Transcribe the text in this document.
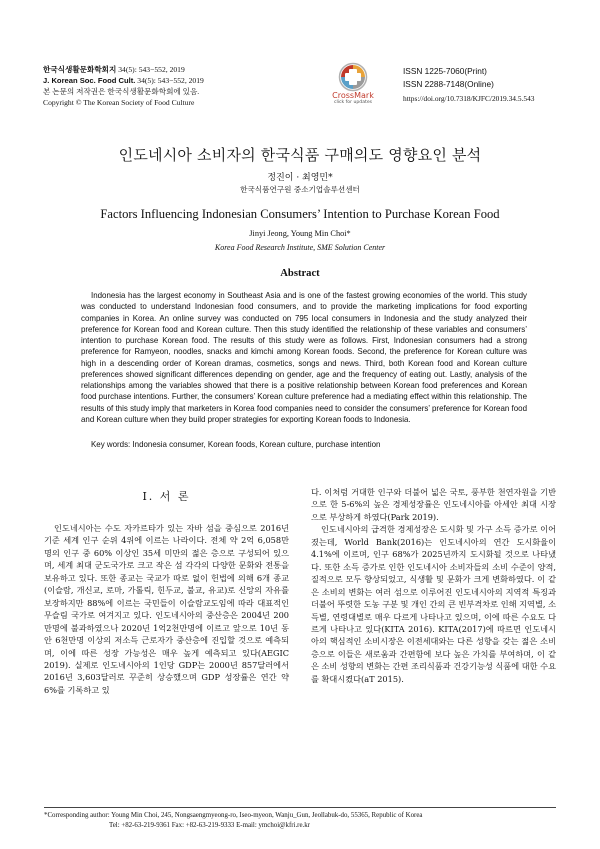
한국식생활문화학회지 34(5): 543−552, 2019
J. Korean Soc. Food Cult. 34(5): 543−552, 2019
본 논문의 저작권은 한국식생활문화학회에 있음.
Copyright © The Korean Society of Food Culture
CrossMark
click for updates
ISSN 1225-7060(Print)
ISSN 2288-7148(Online)
https://doi.org/10.7318/KJFC/2019.34.5.543
인도네시아 소비자의 한국식품 구매의도 영향요인 분석
정진이 · 최영민*
한국식품연구원 중소기업솔루션센터
Factors Influencing Indonesian Consumers’ Intention to Purchase Korean Food
Jinyi Jeong, Young Min Choi*
Korea Food Research Institute, SME Solution Center
Abstract
Indonesia has the largest economy in Southeast Asia and is one of the fastest growing economies of the world. This study was conducted to understand Indonesian food consumers, and to provide the marketing implications for food exporting companies in Korea. An online survey was conducted on 795 local consumers in Indonesia and the study analyzed their preference for Korean food and Korean culture. Then this study identified the relationship of these variables and consumers’ intention to purchase Korean food. The results of this study were as follows. First, Indonesian consumers had a strong preference for Ramyeon, noodles, snacks and kimchi among Korean foods. Second, the preference for Korean culture was high in a descending order of Korean dramas, cosmetics, songs and news. Third, both Korean food and Korean culture preferences showed significant differences depending on gender, age and the frequency of eating out. Lastly, analysis of the relationships among the variables showed that there is a positive relationship between Korean food preferences and Korean food purchase intentions. Further, the consumers’ Korean culture preference had a mediating effect within this relationship. The results of this study imply that marketers in Korea food companies need to consider the consumers’ preference for Korean food and Korean culture when they build proper strategies for exporting Korean foods to Indonesia.
Key words: Indonesia consumer, Korean foods, Korean culture, purchase intention
Ⅰ. 서 론
인도네시아는 수도 자카르타가 있는 자바 섬을 중심으로 2016년 기준 세계 인구 순위 4위에 이르는 나라이다. 전체 약 2억 6,058만 명의 인구 중 60% 이상인 35세 미만의 젊은 층으로 구성되어 있으며, 세계 최대 군도국가로 크고 작은 섬 각각의 다양한 문화와 전통을 보유하고 있다. 또한 종교는 국교가 따로 없이 헌법에 의해 6개 종교(이슬람, 개신교, 로마, 가톨릭, 힌두교, 불교, 유교)로 신앙의 자유를 보장하지만 88%에 이르는 국민들이 이슬람교도임에 따라 대표적인 무슬림 국가로 여겨지고 있다. 인도네시아의 중산층은 2004년 200만명에 불과하였으나 2020년 1억2천만명에 이르고 앞으로 10년 동안 6천만명 이상의 저소득 근로자가 중산층에 진입할 것으로 예측되며, 이에 따른 성장 가능성은 매우 높게 예측되고 있다(AEGIC 2019). 실제로 인도네시아의 1인당 GDP는 2000년 857달러에서 2016년 3,603달러로 꾸준히 상승했으며 GDP 성장률은 연간 약 6%를 기록하고 있

다. 이처럼 거대한 인구와 더불어 넓은 국토, 풍부한 천연자원을 기반으로 한 5-6%의 높은 경제성장률은 인도네시아를 아세안 최대 시장으로 부상하게 하였다(Park 2019).

인도네시아의 급격한 경제성장은 도시화 및 가구 소득 증가로 이어졌는데, World Bank(2016)는 인도네시아의 연간 도시화율이 4.1%에 이르며, 인구 68%가 2025년까지 도시화될 것으로 나타냈다. 또한 소득 증가로 인한 인도네시아 소비자들의 소비 수준이 양적, 질적으로 모두 향상되었고, 식생활 및 문화가 크게 변화하였다. 이 같은 소비의 변화는 여러 섬으로 이루어진 인도네시아의 지역적 특징과 더불어 뚜렷한 도농 구분 및 개인 간의 큰 빈부격차로 인해 지역별, 소득별, 연령대별로 매우 다르게 나타나고 있으며, 이에 따른 수요도 다르게 나타나고 있다(KITA 2016). KITA(2017)에 따르면 인도네시아의 핵심적인 소비시장은 이전세대와는 다른 성향을 갖는 젊은 소비층으로 이들은 새로움과 간편함에 보다 높은 가치를 부여하며, 이 같은 소비 성향의 변화는 간편 조리식품과 건강기능성 식품에 대한 수요를 확대시켰다(aT 2015).

*Corresponding author: Young Min Choi, 245, Nongsaengmyeong-ro, Iseo-myeon, Wanju_Gun, Jeollabuk-do, 55365, Republic of Korea
Tel: +82-63-219-9361 Fax: +82-63-219-9333 E-mail: ymchoi@kfri.re.kr
